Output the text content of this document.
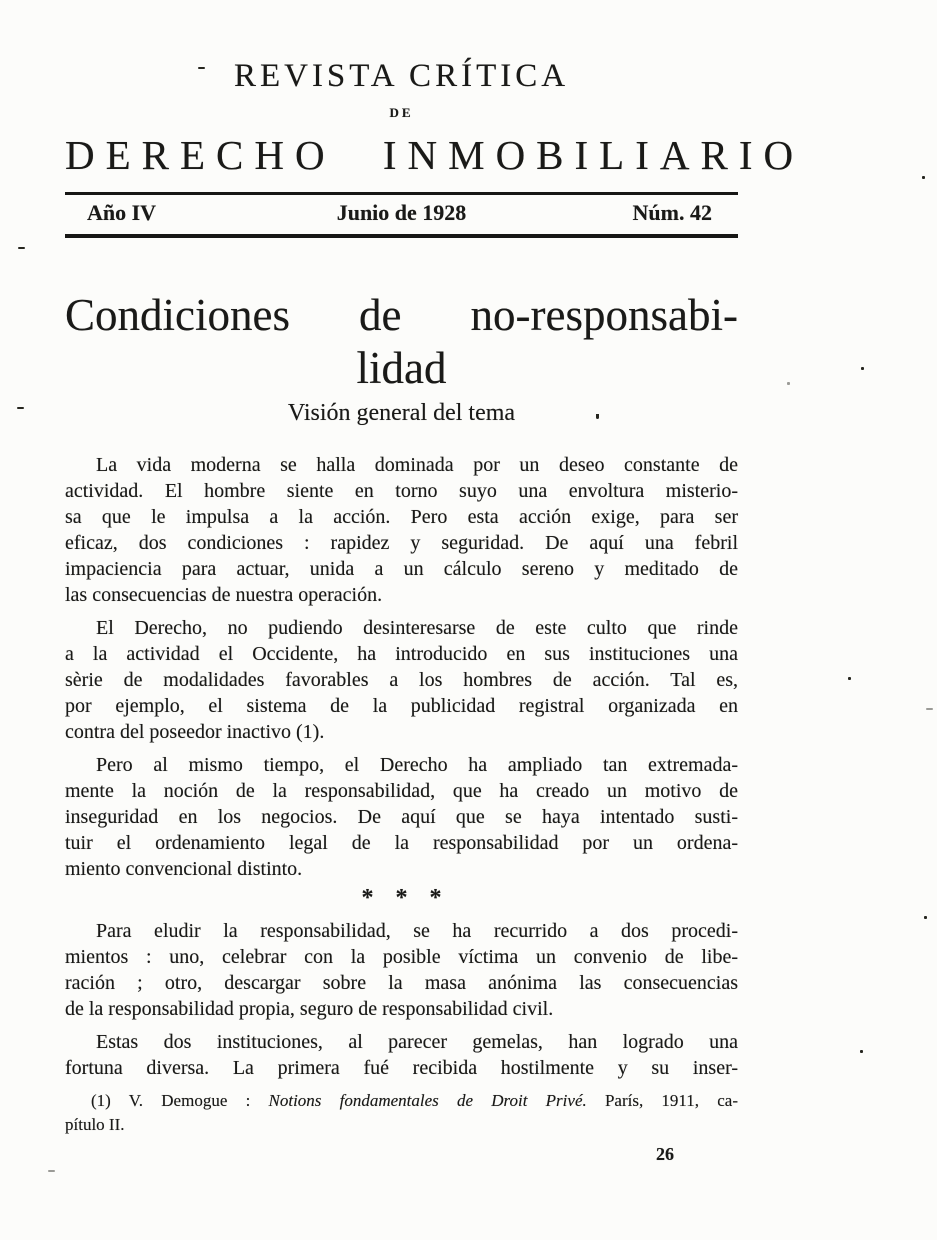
REVISTA CRÍTICA
DE
DERECHO INMOBILIARIO
Año IV	Junio de 1928	Núm. 42
Condiciones de no-responsabi-
lidad
Visión general del tema
La vida moderna se halla dominada por un deseo constante de
actividad. El hombre siente en torno suyo una envoltura misterio-
sa que le impulsa a la acción. Pero esta acción exige, para ser
eficaz, dos condiciones : rapidez y seguridad. De aquí una febril
impaciencia para actuar, unida a un cálculo sereno y meditado de
las consecuencias de nuestra operación.
El Derecho, no pudiendo desinteresarse de este culto que rinde
a la actividad el Occidente, ha introducido en sus instituciones una
sèrie de modalidades favorables a los hombres de acción. Tal es,
por ejemplo, el sistema de la publicidad registral organizada en
contra del poseedor inactivo (1).
Pero al mismo tiempo, el Derecho ha ampliado tan extremada-
mente la noción de la responsabilidad, que ha creado un motivo de
inseguridad en los negocios. De aquí que se haya intentado susti-
tuir el ordenamiento legal de la responsabilidad por un ordena-
miento convencional distinto.
* * *
Para eludir la responsabilidad, se ha recurrido a dos procedi-
mientos : uno, celebrar con la posible víctima un convenio de libe-
ración ; otro, descargar sobre la masa anónima las consecuencias
de la responsabilidad propia, seguro de responsabilidad civil.
Estas dos instituciones, al parecer gemelas, han logrado una
fortuna diversa. La primera fué recibida hostilmente y su inser-
(1) V. Demogue : Notions fondamentales de Droit Privé. París, 1911, ca-
pítulo II.
26
